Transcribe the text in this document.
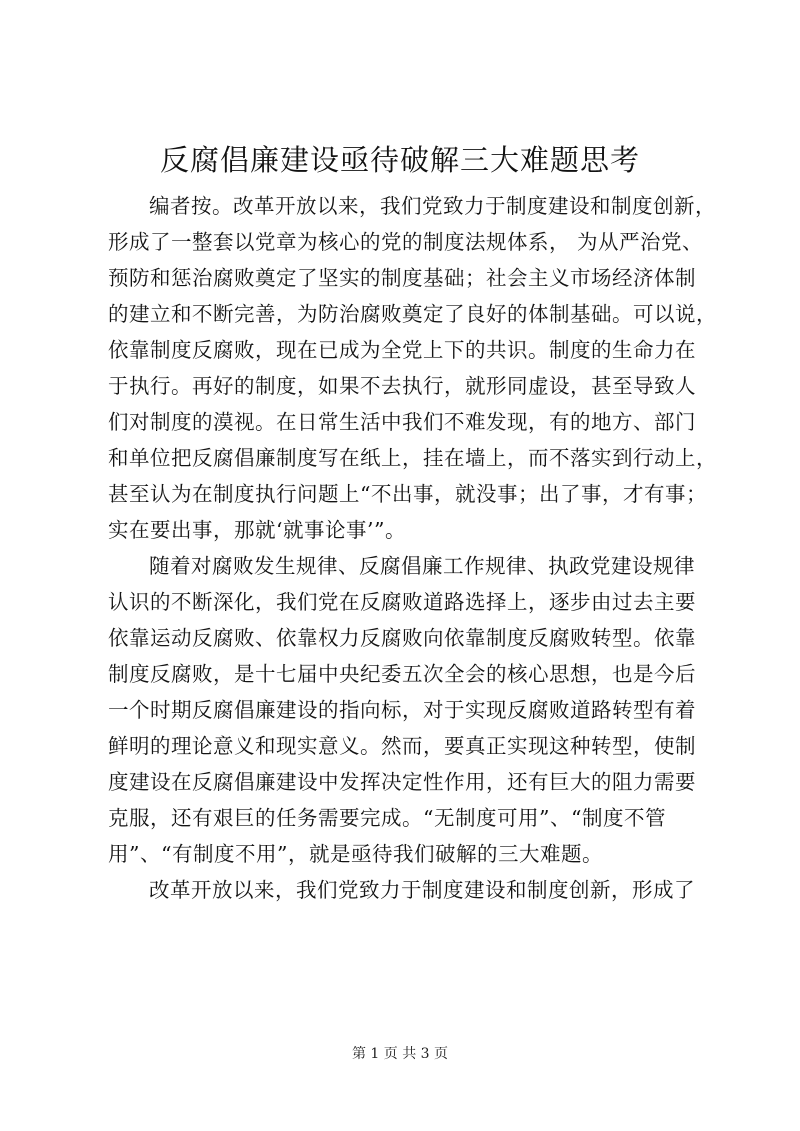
反腐倡廉建设亟待破解三大难题思考
编者按。改革开放以来，我们党致力于制度建设和制度创新，
形成了一整套以党章为核心的党的制度法规体系， 为从严治党、
预防和惩治腐败奠定了坚实的制度基础；社会主义市场经济体制
的建立和不断完善，为防治腐败奠定了良好的体制基础。可以说，
依靠制度反腐败，现在已成为全党上下的共识。制度的生命力在
于执行。再好的制度，如果不去执行，就形同虚设，甚至导致人
们对制度的漠视。在日常生活中我们不难发现，有的地方、部门
和单位把反腐倡廉制度写在纸上，挂在墙上，而不落实到行动上，
甚至认为在制度执行问题上“不出事，就没事；出了事，才有事；
实在要出事，那就‘就事论事’”。
随着对腐败发生规律、反腐倡廉工作规律、执政党建设规律
认识的不断深化，我们党在反腐败道路选择上，逐步由过去主要
依靠运动反腐败、依靠权力反腐败向依靠制度反腐败转型。依靠
制度反腐败，是十七届中央纪委五次全会的核心思想，也是今后
一个时期反腐倡廉建设的指向标，对于实现反腐败道路转型有着
鲜明的理论意义和现实意义。然而，要真正实现这种转型，使制
度建设在反腐倡廉建设中发挥决定性作用，还有巨大的阻力需要
克服，还有艰巨的任务需要完成。“无制度可用”、“制度不管
用”、“有制度不用”，就是亟待我们破解的三大难题。
改革开放以来，我们党致力于制度建设和制度创新，形成了
第 1 页 共 3 页
